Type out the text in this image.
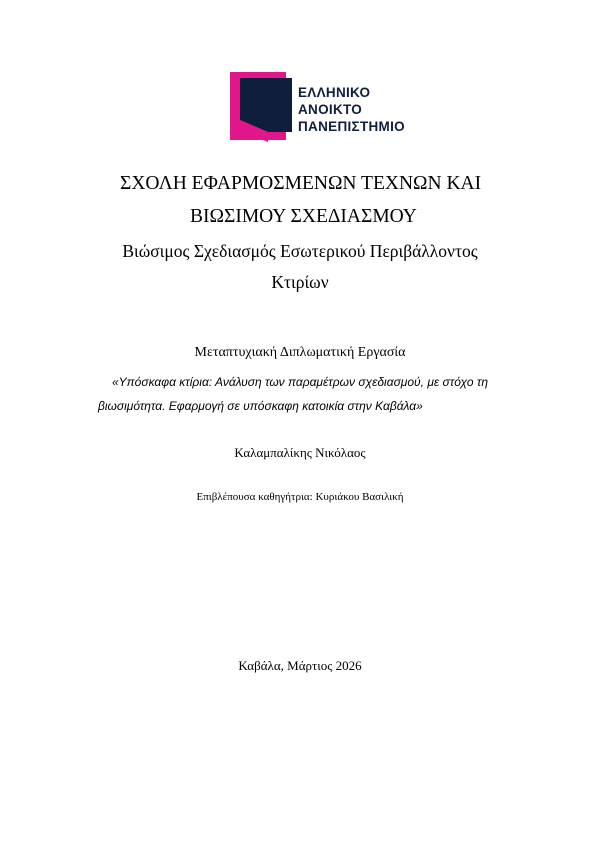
ΕΛΛΗΝΙΚΟ
ΑΝΟΙΚΤΟ
ΠΑΝΕΠΙΣΤΗΜΙΟ
ΣΧΟΛΗ ΕΦΑΡΜΟΣΜΕΝΩΝ ΤΕΧΝΩΝ ΚΑΙ
ΒΙΩΣΙΜΟΥ ΣΧΕΔΙΑΣΜΟΥ
Βιώσιμος Σχεδιασμός Εσωτερικού Περιβάλλοντος
Κτιρίων
Μεταπτυχιακή Διπλωματική Εργασία
«Υπόσκαφα κτίρια: Ανάλυση των παραμέτρων σχεδιασμού, με στόχο τη
βιωσιμότητα. Εφαρμογή σε υπόσκαφη κατοικία στην Καβάλα»
Καλαμπαλίκης Νικόλαος
Επιβλέπουσα καθηγήτρια: Κυριάκου Βασιλική
Καβάλα, Μάρτιος 2026
